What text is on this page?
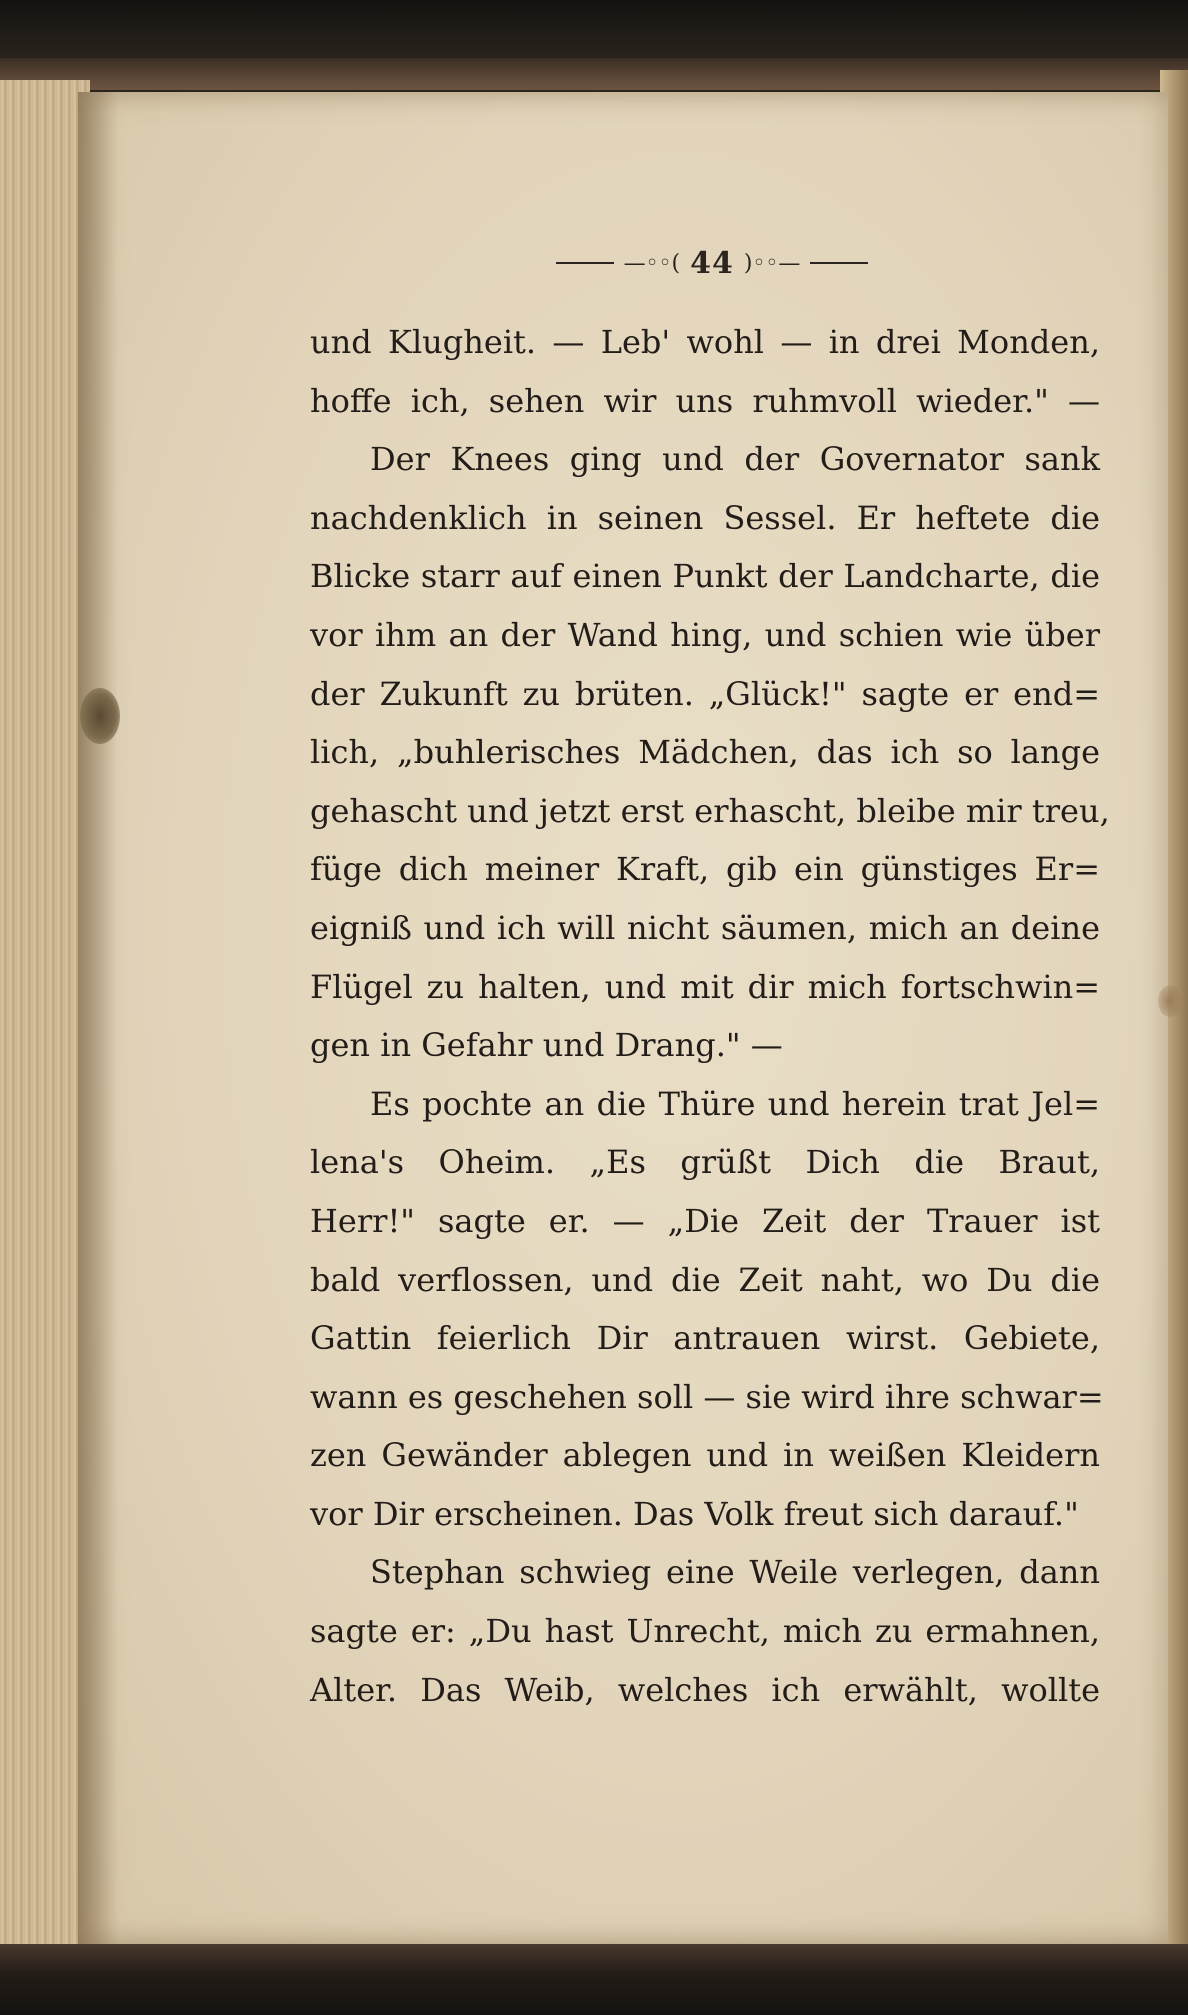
—◦◦( 44 )◦◦—
und Klugheit. — Leb' wohl — in drei Monden,
hoffe ich, sehen wir uns ruhmvoll wieder." —
Der Knees ging und der Governator sank
nachdenklich in seinen Sessel. Er heftete die
Blicke starr auf einen Punkt der Landcharte, die
vor ihm an der Wand hing, und schien wie über
der Zukunft zu brüten. „Glück!" sagte er end=
lich, „buhlerisches Mädchen, das ich so lange
gehascht und jetzt erst erhascht, bleibe mir treu,
füge dich meiner Kraft, gib ein günstiges Er=
eigniß und ich will nicht säumen, mich an deine
Flügel zu halten, und mit dir mich fortschwin=
gen in Gefahr und Drang." —
Es pochte an die Thüre und herein trat Jel=
lena's Oheim. „Es grüßt Dich die Braut,
Herr!" sagte er. — „Die Zeit der Trauer ist
bald verflossen, und die Zeit naht, wo Du die
Gattin feierlich Dir antrauen wirst. Gebiete,
wann es geschehen soll — sie wird ihre schwar=
zen Gewänder ablegen und in weißen Kleidern
vor Dir erscheinen. Das Volk freut sich darauf."
Stephan schwieg eine Weile verlegen, dann
sagte er: „Du hast Unrecht, mich zu ermahnen,
Alter. Das Weib, welches ich erwählt, wollte
